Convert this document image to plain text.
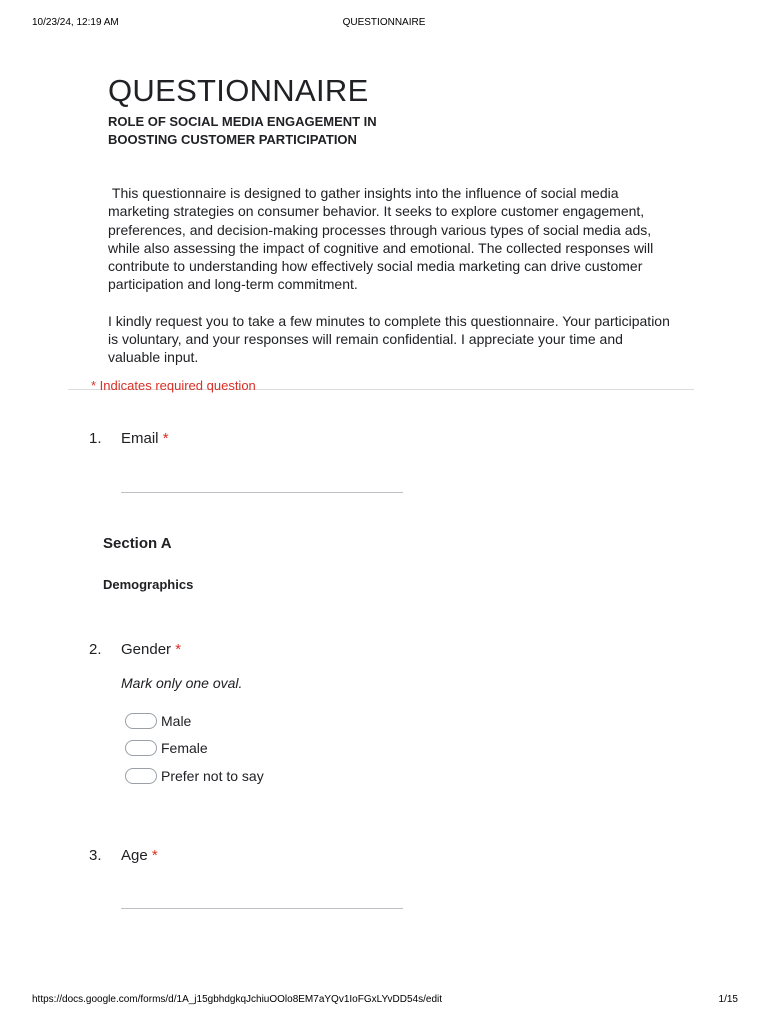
10/23/24, 12:19 AM	QUESTIONNAIRE
QUESTIONNAIRE
ROLE OF SOCIAL MEDIA ENGAGEMENT IN
BOOSTING CUSTOMER PARTICIPATION

This questionnaire is designed to gather insights into the influence of social media marketing strategies on consumer behavior. It seeks to explore customer engagement, preferences, and decision-making processes through various types of social media ads, while also assessing the impact of cognitive and emotional. The collected responses will contribute to understanding how effectively social media marketing can drive customer participation and long-term commitment.

I kindly request you to take a few minutes to complete this questionnaire. Your participation is voluntary, and your responses will remain confidential. I appreciate your time and valuable input.

* Indicates required question
1. Email *
Section A
Demographics
2. Gender *
Mark only one oval.
Male
Female
Prefer not to say
3. Age *
https://docs.google.com/forms/d/1A_j15gbhdgkqJchiuOOlo8EM7aYQv1IoFGxLYvDD54s/edit	1/15
